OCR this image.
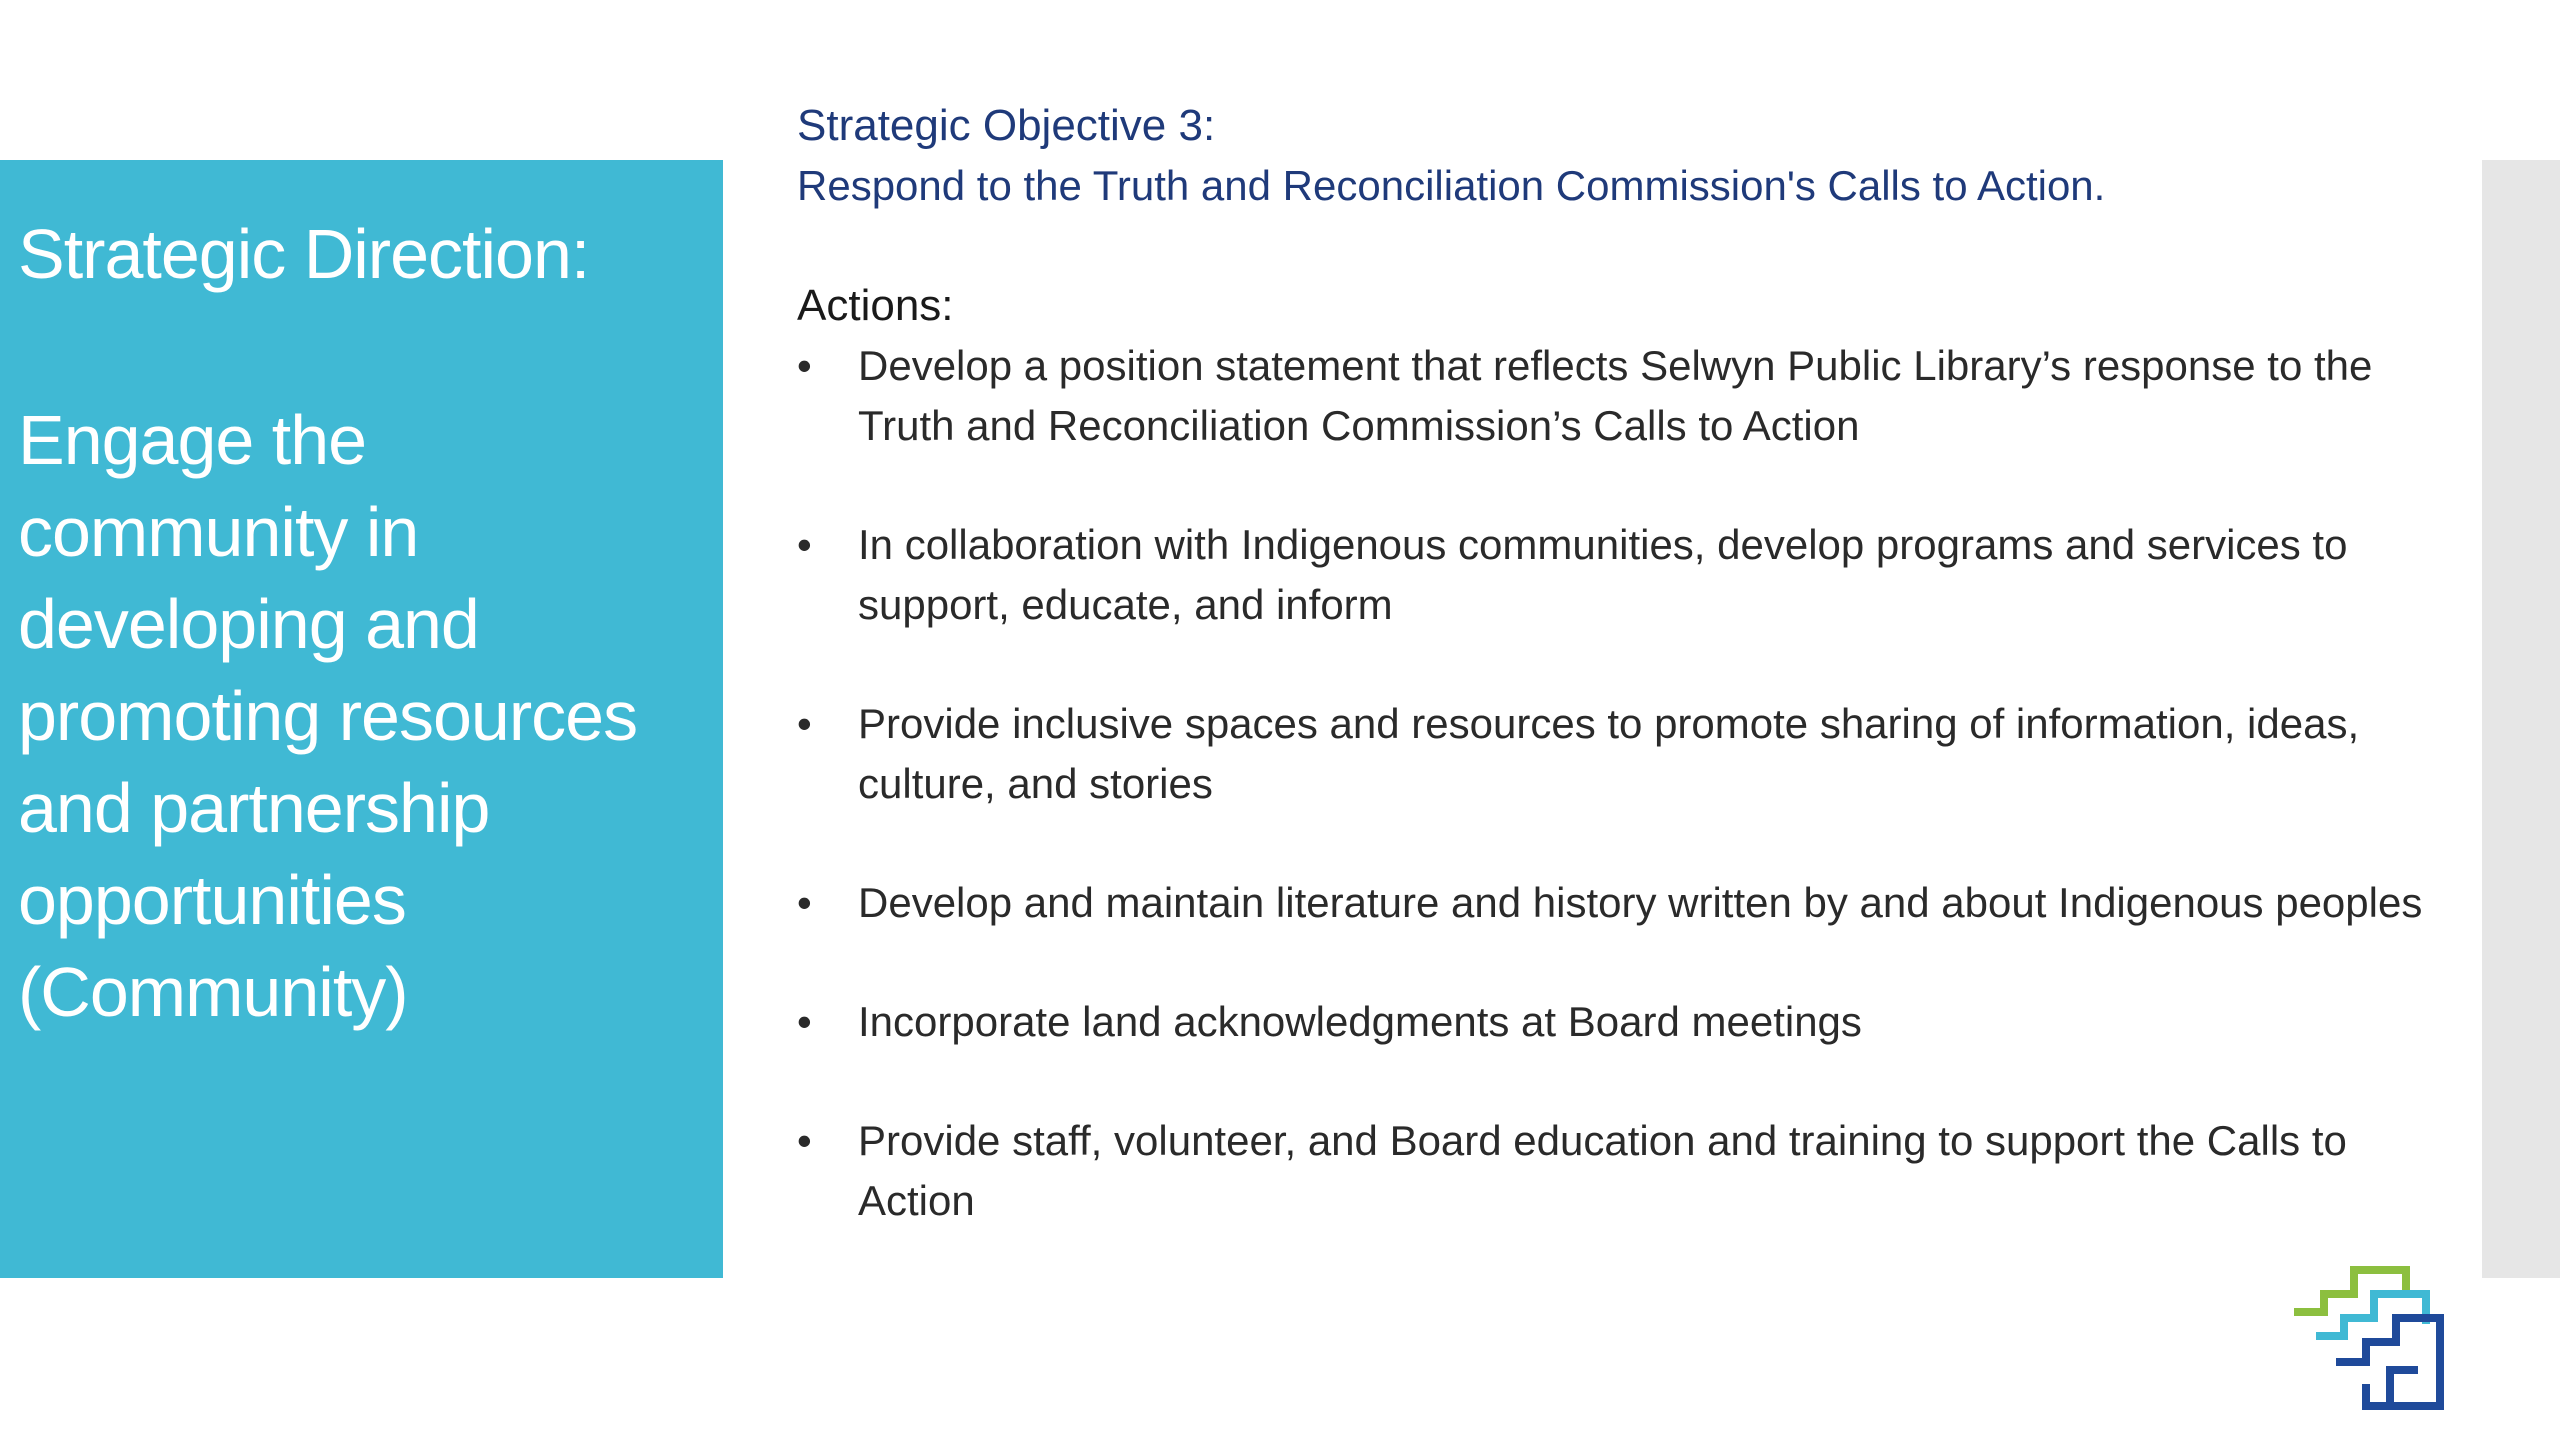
Strategic Direction:

Engage the community in developing and promoting resources and partnership opportunities (Community)

Strategic Objective 3:

Respond to the Truth and Reconciliation Commission's Calls to Action.

Actions:

•	Develop a position statement that reflects Selwyn Public Library’s response to the Truth and Reconciliation Commission’s Calls to Action
•	In collaboration with Indigenous communities, develop programs and services to support, educate, and inform
•	Provide inclusive spaces and resources to promote sharing of information, ideas, culture, and stories
•	Develop and maintain literature and history written by and about Indigenous peoples
•	Incorporate land acknowledgments at Board meetings
•	Provide staff, volunteer, and Board education and training to support the Calls to Action
